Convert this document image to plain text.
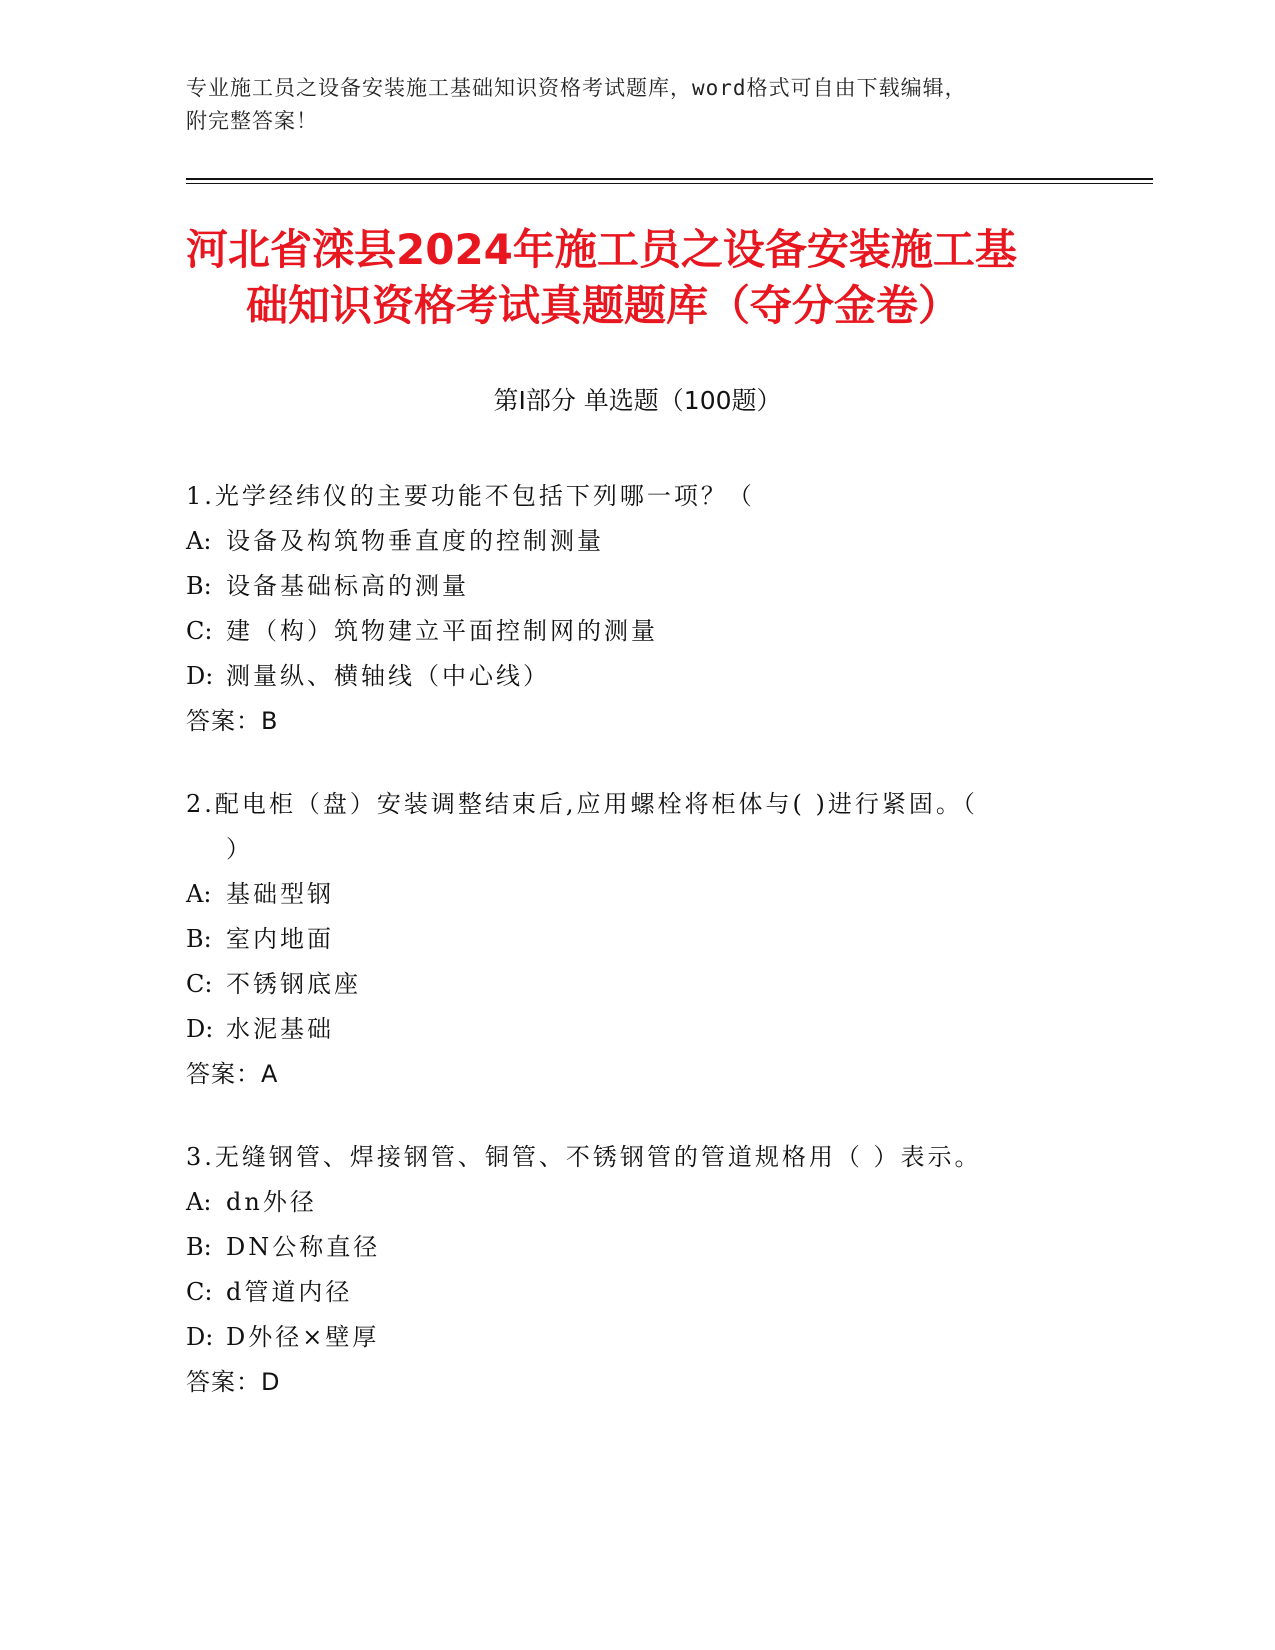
专业施工员之设备安装施工基础知识资格考试题库，word格式可自由下载编辑，
附完整答案！
河北省滦县2024年施工员之设备安装施工基
础知识资格考试真题题库（夺分金卷）
第Ⅰ部分 单选题（100题）
1.光学经纬仪的主要功能不包括下列哪一项？（
A: 设备及构筑物垂直度的控制测量
B: 设备基础标高的测量
C: 建（构）筑物建立平面控制网的测量
D: 测量纵、横轴线（中心线）
答案：B
2.配电柜（盘）安装调整结束后,应用螺栓将柜体与( )进行紧固。（
）
A: 基础型钢
B: 室内地面
C: 不锈钢底座
D: 水泥基础
答案：A
3.无缝钢管、焊接钢管、铜管、不锈钢管的管道规格用（ ）表示。
A: dn外径
B: DN公称直径
C: d管道内径
D: D外径×壁厚
答案：D
